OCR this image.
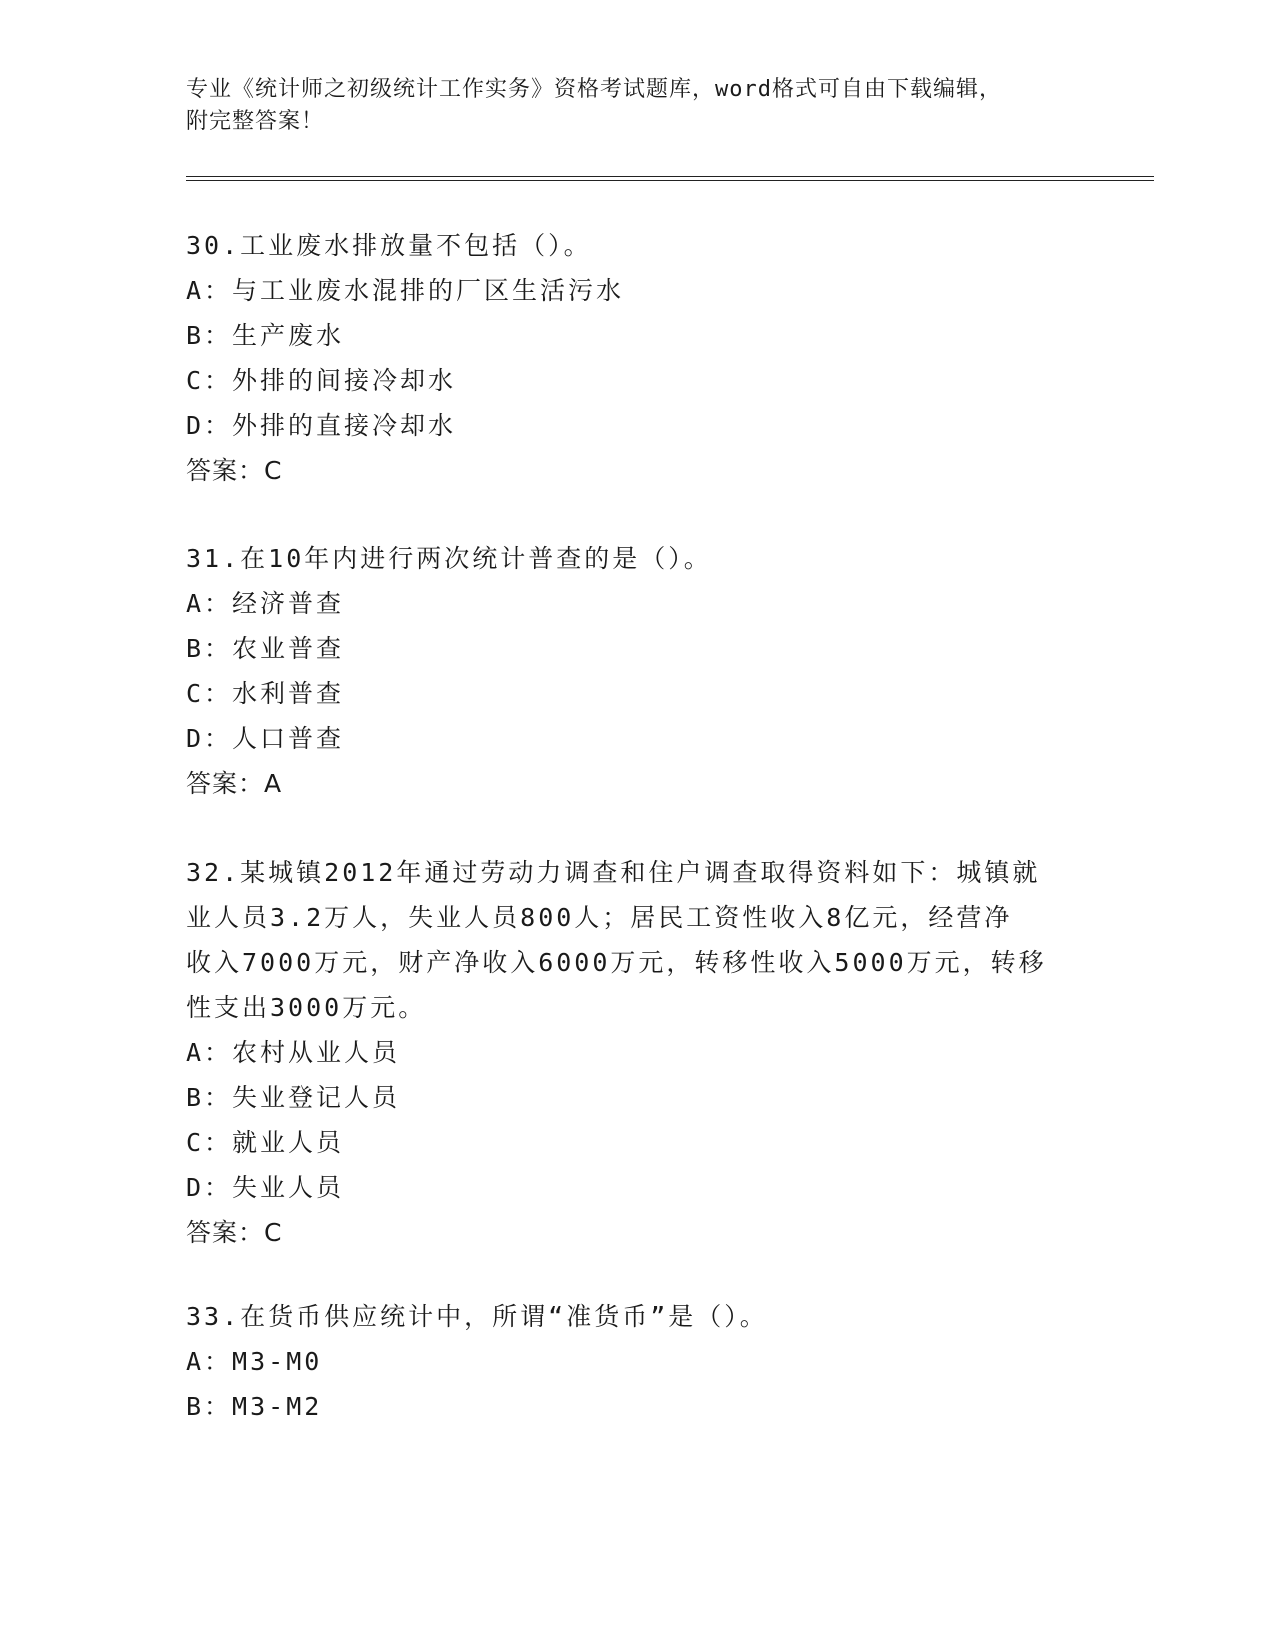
专业《统计师之初级统计工作实务》资格考试题库，word格式可自由下载编辑，
附完整答案！
30.工业废水排放量不包括（）。
A：与工业废水混排的厂区生活污水
B：生产废水
C：外排的间接冷却水
D：外排的直接冷却水
答案：C
31.在10年内进行两次统计普查的是（）。
A：经济普查
B：农业普查
C：水利普查
D：人口普查
答案：A
32.某城镇2012年通过劳动力调查和住户调查取得资料如下：城镇就
业人员3.2万人，失业人员800人；居民工资性收入8亿元，经营净
收入7000万元，财产净收入6000万元，转移性收入5000万元，转移
性支出3000万元。
A：农村从业人员
B：失业登记人员
C：就业人员
D：失业人员
答案：C
33.在货币供应统计中，所谓“准货币”是（）。
A：M3-M0
B：M3-M2
